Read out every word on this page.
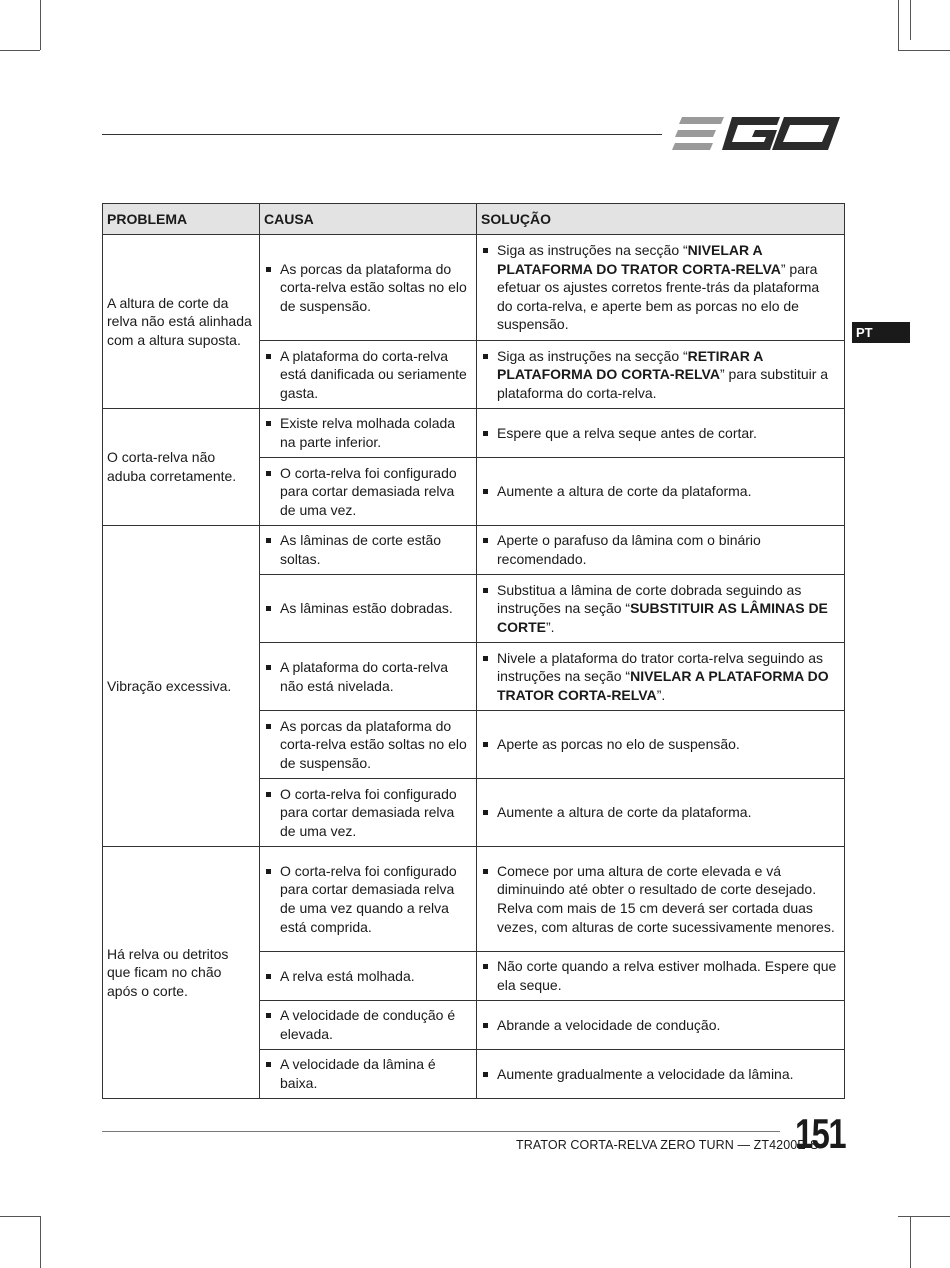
EGO
PT
PROBLEMA	CAUSA	SOLUÇÃO
A altura de corte da relva não está alinhada com a altura suposta.	As porcas da plataforma do corta-relva estão soltas no elo de suspensão.	Siga as instruções na secção “NIVELAR A PLATAFORMA DO TRATOR CORTA-RELVA” para efetuar os ajustes corretos frente-trás da plataforma do corta-relva, e aperte bem as porcas no elo de suspensão.

	A plataforma do corta-relva está danificada ou seriamente gasta.	Siga as instruções na secção “RETIRAR A PLATAFORMA DO CORTA-RELVA” para substituir a plataforma do corta-relva.

O corta-relva não aduba corretamente.	Existe relva molhada colada na parte inferior.	Espere que a relva seque antes de cortar.

	O corta-relva foi configurado para cortar demasiada relva de uma vez.	Aumente a altura de corte da plataforma.

Vibração excessiva.	As lâminas de corte estão soltas.	Aperte o parafuso da lâmina com o binário recomendado.

	As lâminas estão dobradas.	Substitua a lâmina de corte dobrada seguindo as instruções na seção “SUBSTITUIR AS LÂMINAS DE CORTE”.

	A plataforma do corta-relva não está nivelada.	Nivele a plataforma do trator corta-relva seguindo as instruções na seção “NIVELAR A PLATAFORMA DO TRATOR CORTA-RELVA”.

	As porcas da plataforma do corta-relva estão soltas no elo de suspensão.	Aperte as porcas no elo de suspensão.

	O corta-relva foi configurado para cortar demasiada relva de uma vez.	Aumente a altura de corte da plataforma.

Há relva ou detritos que ficam no chão após o corte.	O corta-relva foi configurado para cortar demasiada relva de uma vez quando a relva está comprida.	Comece por uma altura de corte elevada e vá diminuindo até obter o resultado de corte desejado. Relva com mais de 15 cm deverá ser cortada duas vezes, com alturas de corte sucessivamente menores.

	A relva está molhada.	Não corte quando a relva estiver molhada. Espere que ela seque.

	A velocidade de condução é elevada.	Abrande a velocidade de condução.

	A velocidade da lâmina é baixa.	Aumente gradualmente a velocidade da lâmina.
TRATOR CORTA-RELVA ZERO TURN — ZT4200E-S
151
